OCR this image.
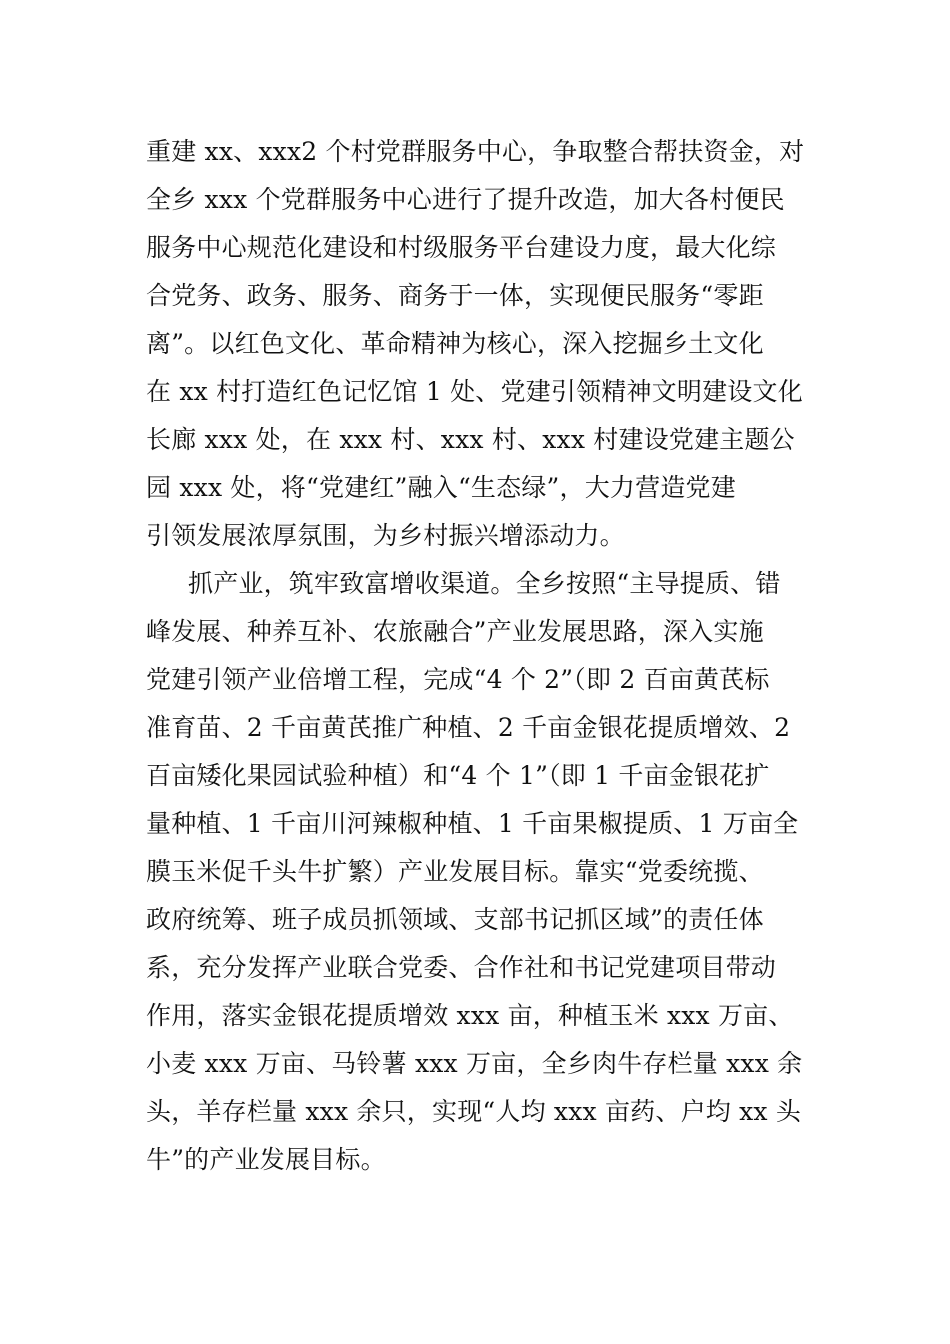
重建 xx、xxx2 个村党群服务中心，争取整合帮扶资金，对
全乡 xxx 个党群服务中心进行了提升改造，加大各村便民
服务中心规范化建设和村级服务平台建设力度，最大化综
合党务、政务、服务、商务于一体，实现便民服务“零距
离”。以红色文化、革命精神为核心，深入挖掘乡土文化
在 xx 村打造红色记忆馆 1 处、党建引领精神文明建设文化
长廊 xxx 处，在 xxx 村、xxx 村、xxx 村建设党建主题公
园 xxx 处，将“党建红”融入“生态绿”，大力营造党建
引领发展浓厚氛围，为乡村振兴增添动力。
抓产业，筑牢致富增收渠道。全乡按照“主导提质、错
峰发展、种养互补、农旅融合”产业发展思路，深入实施
党建引领产业倍增工程，完成“4 个 2”（即 2 百亩黄芪标
准育苗、2 千亩黄芪推广种植、2 千亩金银花提质增效、2
百亩矮化果园试验种植）和“4 个 1”（即 1 千亩金银花扩
量种植、1 千亩川河辣椒种植、1 千亩果椒提质、1 万亩全
膜玉米促千头牛扩繁）产业发展目标。靠实“党委统揽、
政府统筹、班子成员抓领域、支部书记抓区域”的责任体
系，充分发挥产业联合党委、合作社和书记党建项目带动
作用，落实金银花提质增效 xxx 亩，种植玉米 xxx 万亩、
小麦 xxx 万亩、马铃薯 xxx 万亩，全乡肉牛存栏量 xxx 余
头，羊存栏量 xxx 余只，实现“人均 xxx 亩药、户均 xx 头
牛”的产业发展目标。
